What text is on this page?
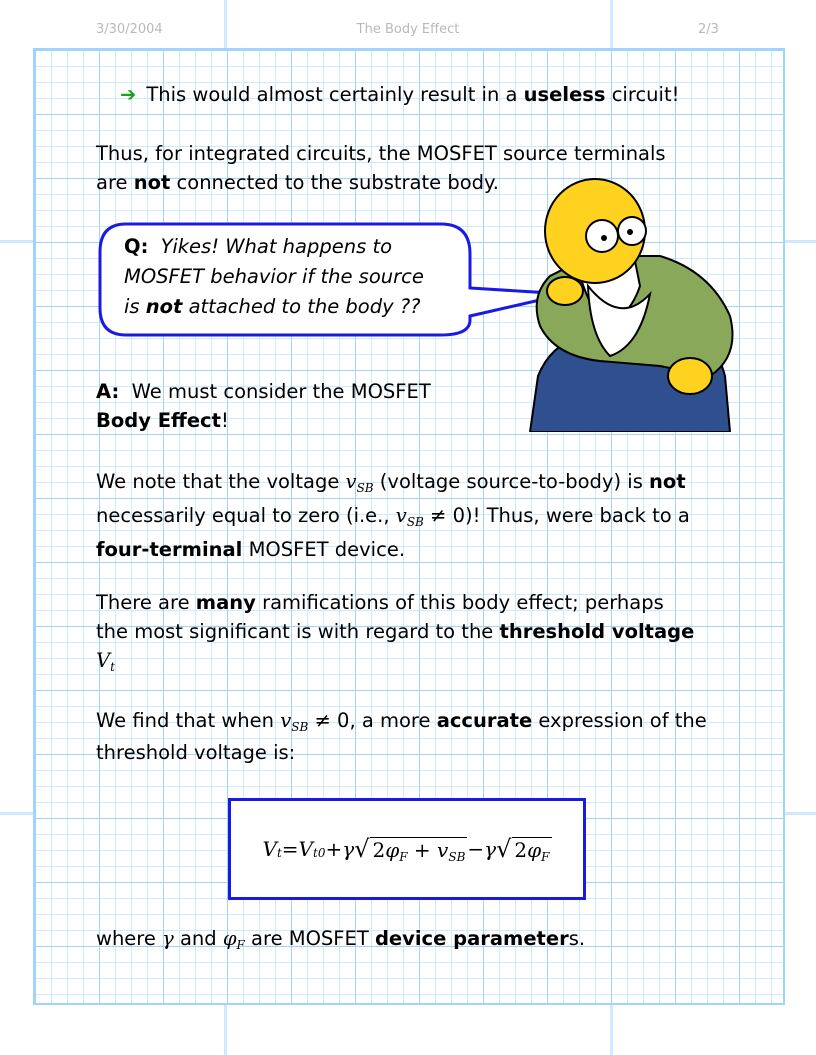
3/30/2004	The Body Effect	2/3
➔ This would almost certainly result in a useless circuit!
Thus, for integrated circuits, the MOSFET source terminals
are not connected to the substrate body.
Q: Yikes! What happens to
MOSFET behavior if the source
is not attached to the body ??
A: We must consider the MOSFET
Body Effect!
We note that the voltage $v_{SB}$ (voltage source-to-body) is not
necessarily equal to zero (i.e., $v_{SB} \ne 0$)! Thus, were back to a
four-terminal MOSFET device.
There are many ramifications of this body effect; perhaps
the most significant is with regard to the threshold voltage
$V_t$
We find that when $v_{SB} \ne 0$, a more accurate expression of the
threshold voltage is:
V t = V t0 + γ √ $2\varphi_F + v_{SB} - \gamma$ √ $2\varphi_F$
where γ and $\varphi_F$ are MOSFET device parameters.
